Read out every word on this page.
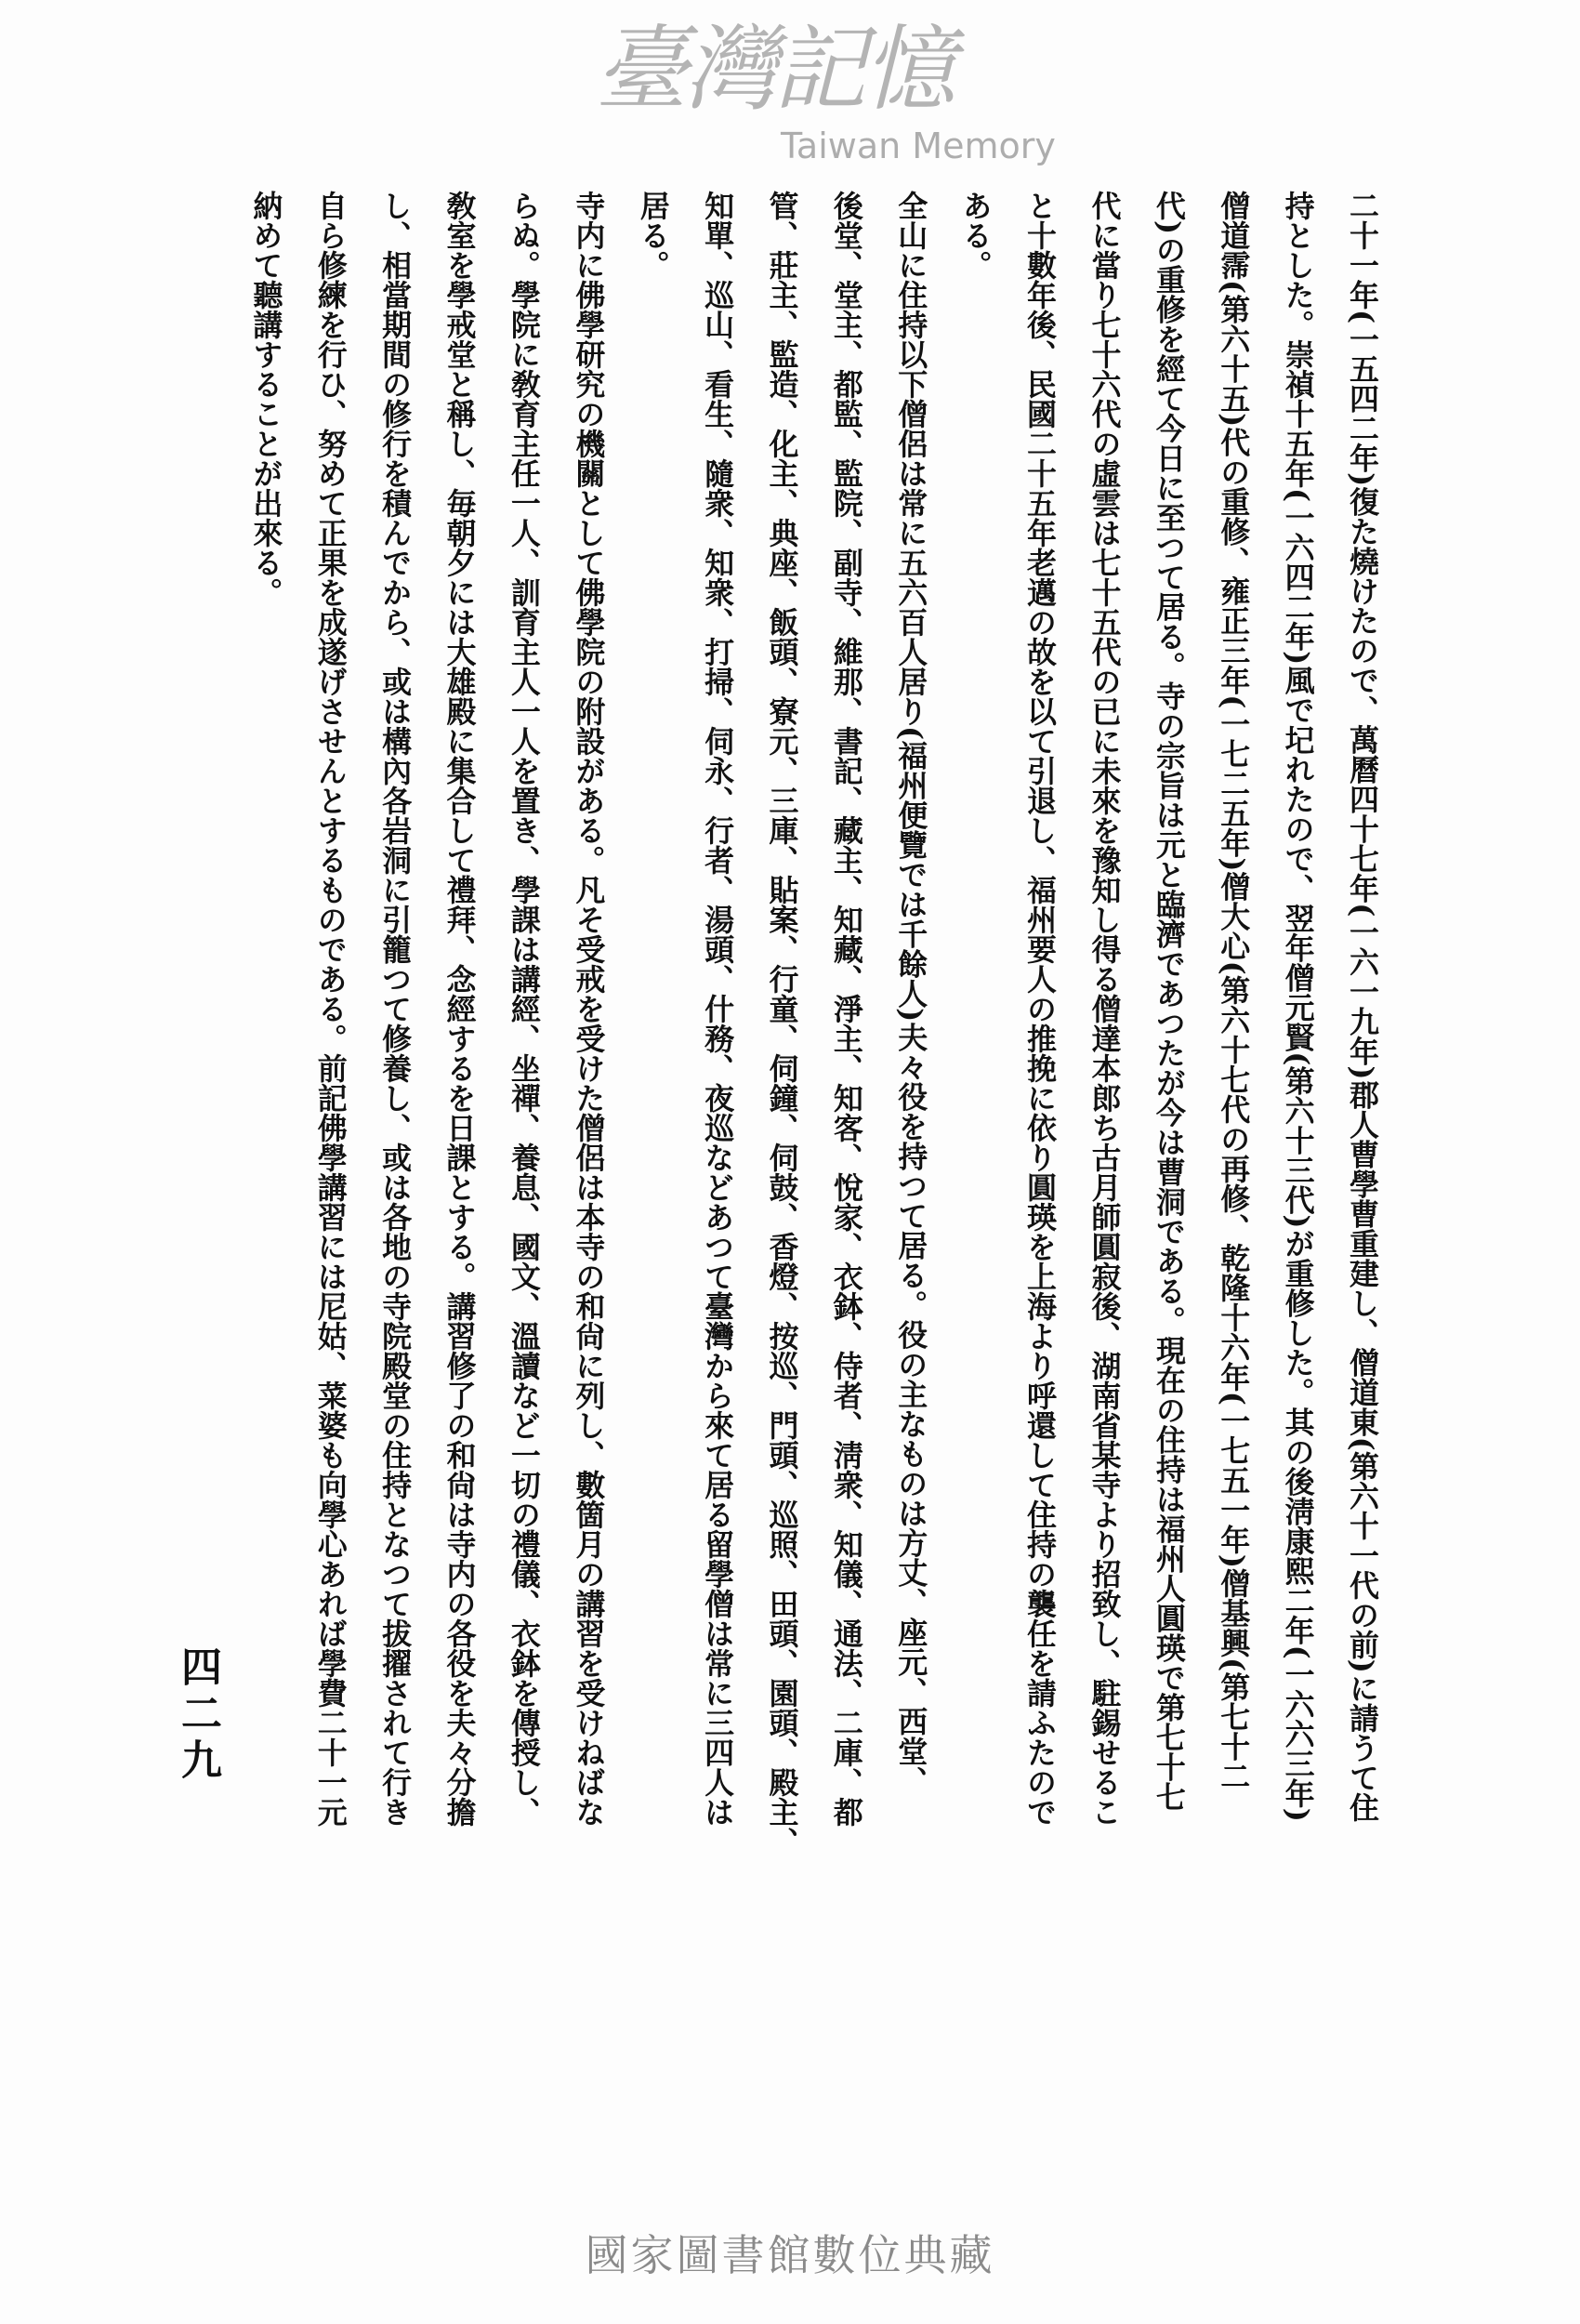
二十一年(一五四二年)復た燒けたので、萬曆四十七年(一六一九年)郡人曹學曹重建し、僧道東(第六十一代の前)に請うて住
持とした。崇禎十五年(一六四二年)風で圮れたので、翌年僧元賢(第六十三代)が重修した。其の後淸康熙二年(一六六三年)
僧道霈(第六十五)代の重修、雍正三年(一七二五年)僧大心(第六十七代の再修、乾隆十六年(一七五一年)僧基興(第七十二
代)の重修を經て今日に至つて居る。寺の宗旨は元と臨濟であつたが今は曹洞である。現在の住持は福州人圓瑛で第七十七
代に當り七十六代の虛雲は七十五代の已に未來を豫知し得る僧達本郎ち古月師圓寂後、湖南省某寺より招致し、駐錫せるこ
と十數年後、民國二十五年老邁の故を以て引退し、福州要人の推挽に依り圓瑛を上海より呼還して住持の襲任を請ふたので
ある。
全山に住持以下僧侶は常に五六百人居り(福州便覽では千餘人)夫々役を持つて居る。役の主なものは方丈、座元、西堂、
後堂、堂主、都監、監院、副寺、維那、書記、藏主、知藏、淨主、知客、悅家、衣鉢、侍者、淸衆、知儀、通法、二庫、都
管、莊主、監造、化主、典座、飯頭、寮元、三庫、貼案、行童、伺鐘、伺鼓、香燈、按巡、門頭、巡照、田頭、園頭、殿主、
知單、巡山、看生、隨衆、知衆、打掃、伺永、行者、湯頭、什務、夜巡などあつて臺灣から來て居る留學僧は常に三四人は
居る。
寺内に佛學研究の機關として佛學院の附設がある。凡そ受戒を受けた僧侶は本寺の和尙に列し、數箇月の講習を受けねばな
らぬ。學院に敎育主任一人、訓育主人一人を置き、學課は講經、坐禪、養息、國文、溫讀など一切の禮儀、衣鉢を傳授し、
敎室を學戒堂と稱し、毎朝夕には大雄殿に集合して禮拜、念經するを日課とする。講習修了の和尙は寺内の各役を夫々分擔
し、相當期間の修行を積んでから、或は構內各岩洞に引籠つて修養し、或は各地の寺院殿堂の住持となつて拔擢されて行き
自ら修練を行ひ、努めて正果を成遂げさせんとするものである。前記佛學講習には尼姑、菜婆も向學心あれば學費二十一元
納めて聽講することが出來る。
臺灣記憶
Taiwan Memory
四二九
國家圖書館數位典藏
